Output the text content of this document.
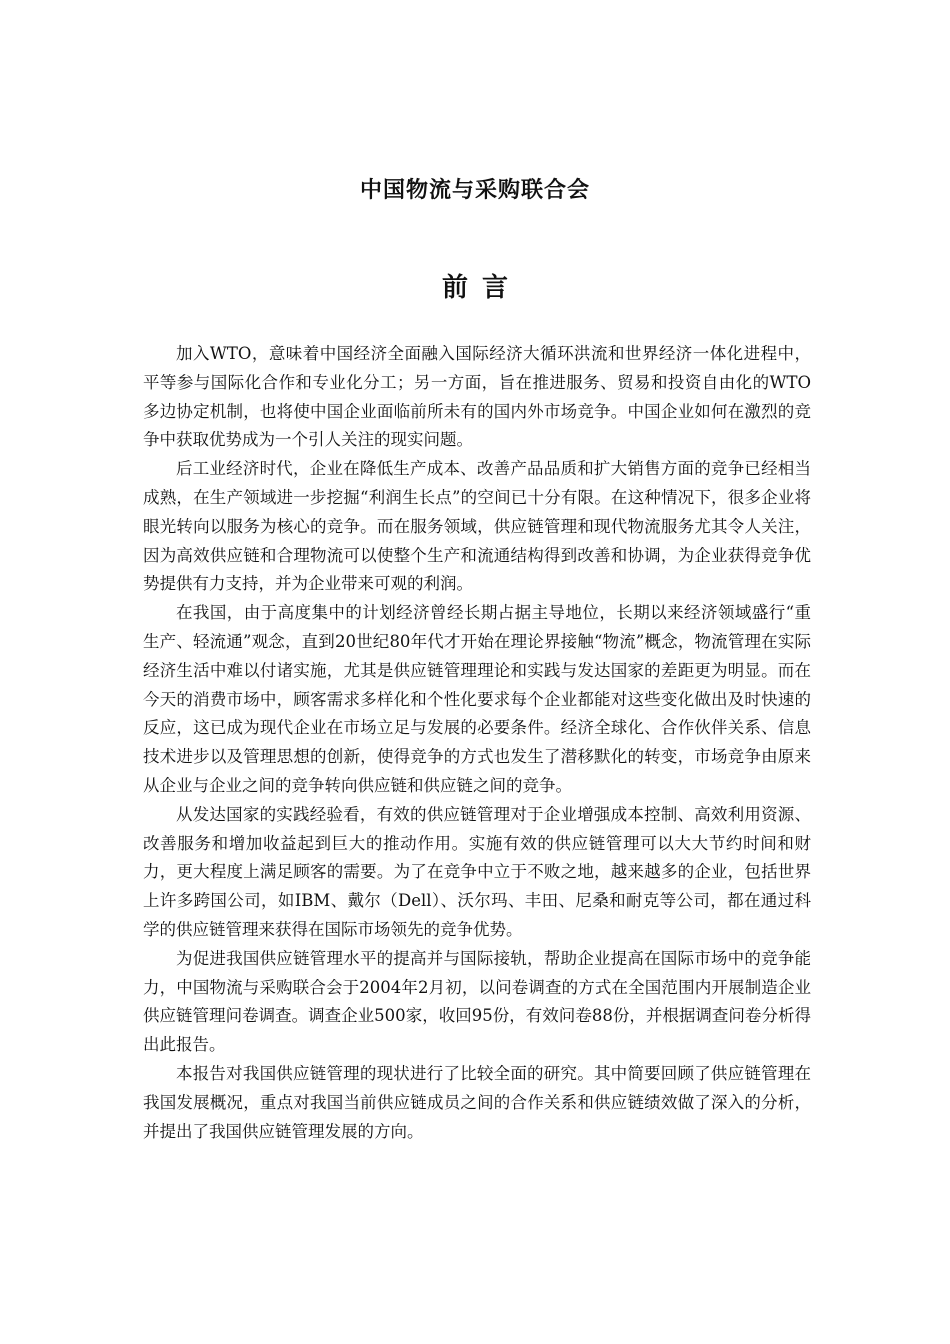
中国物流与采购联合会
前言

加入WTO，意味着中国经济全面融入国际经济大循环洪流和世界经济一体化进程中，平等参与国际化合作和专业化分工；另一方面，旨在推进服务、贸易和投资自由化的WTO多边协定机制，也将使中国企业面临前所未有的国内外市场竞争。中国企业如何在激烈的竞争中获取优势成为一个引人关注的现实问题。

后工业经济时代，企业在降低生产成本、改善产品品质和扩大销售方面的竞争已经相当成熟，在生产领域进一步挖掘“利润生长点”的空间已十分有限。在这种情况下，很多企业将眼光转向以服务为核心的竞争。而在服务领域，供应链管理和现代物流服务尤其令人关注，因为高效供应链和合理物流可以使整个生产和流通结构得到改善和协调，为企业获得竞争优势提供有力支持，并为企业带来可观的利润。

在我国，由于高度集中的计划经济曾经长期占据主导地位，长期以来经济领域盛行“重生产、轻流通”观念，直到20世纪80年代才开始在理论界接触“物流”概念，物流管理在实际经济生活中难以付诸实施，尤其是供应链管理理论和实践与发达国家的差距更为明显。而在今天的消费市场中，顾客需求多样化和个性化要求每个企业都能对这些变化做出及时快速的反应，这已成为现代企业在市场立足与发展的必要条件。经济全球化、合作伙伴关系、信息技术进步以及管理思想的创新，使得竞争的方式也发生了潜移默化的转变，市场竞争由原来从企业与企业之间的竞争转向供应链和供应链之间的竞争。

从发达国家的实践经验看，有效的供应链管理对于企业增强成本控制、高效利用资源、改善服务和增加收益起到巨大的推动作用。实施有效的供应链管理可以大大节约时间和财力，更大程度上满足顾客的需要。为了在竞争中立于不败之地，越来越多的企业，包括世界上许多跨国公司，如IBM、戴尔（Dell）、沃尔玛、丰田、尼桑和耐克等公司，都在通过科学的供应链管理来获得在国际市场领先的竞争优势。

为促进我国供应链管理水平的提高并与国际接轨，帮助企业提高在国际市场中的竞争能力，中国物流与采购联合会于2004年2月初，以问卷调查的方式在全国范围内开展制造企业供应链管理问卷调查。调查企业500家，收回95份，有效问卷88份，并根据调查问卷分析得出此报告。

本报告对我国供应链管理的现状进行了比较全面的研究。其中简要回顾了供应链管理在我国发展概况，重点对我国当前供应链成员之间的合作关系和供应链绩效做了深入的分析，并提出了我国供应链管理发展的方向。
